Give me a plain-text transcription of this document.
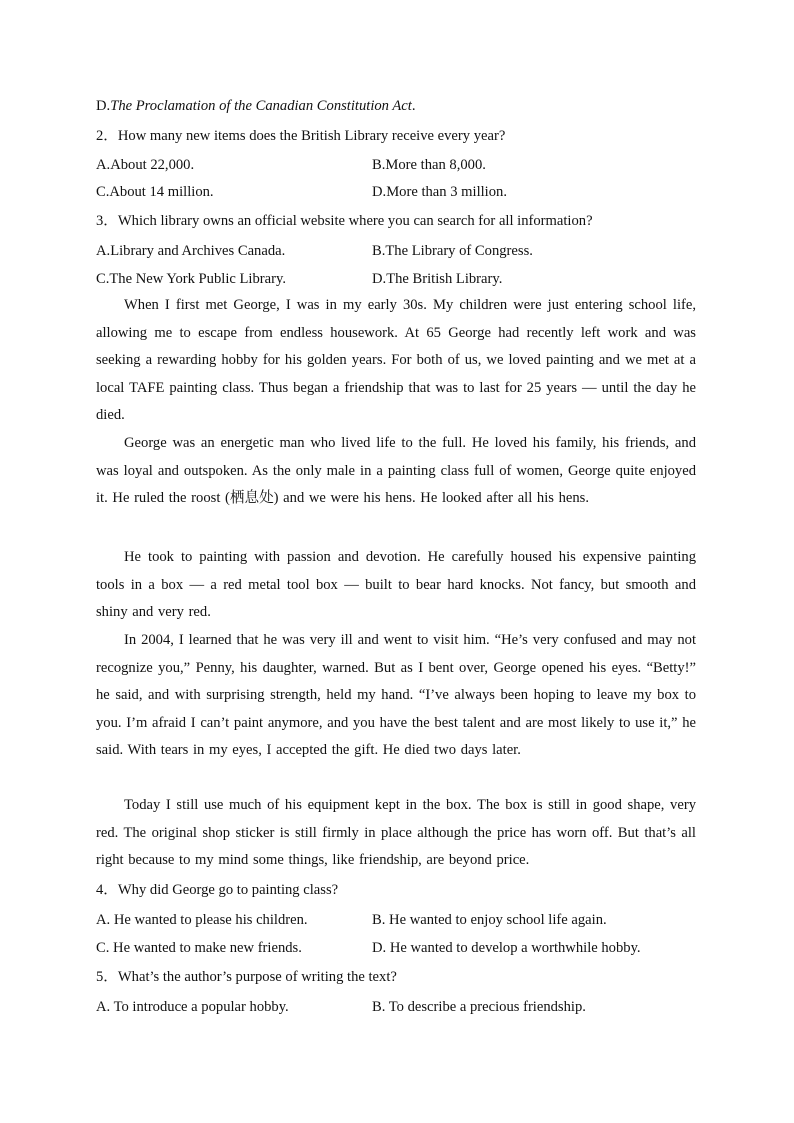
D.The Proclamation of the Canadian Constitution Act.
2．How many new items does the British Library receive every year?
A.About 22,000.	B.More than 8,000.
C.About 14 million.	D.More than 3 million.
3．Which library owns an official website where you can search for all information?
A.Library and Archives Canada.	B.The Library of Congress.
C.The New York Public Library.	D.The British Library.

When I first met George, I was in my early 30s. My children were just entering school life, allowing me to escape from endless housework. At 65 George had recently left work and was seeking a rewarding hobby for his golden years. For both of us, we loved painting and we met at a local TAFE painting class. Thus began a friendship that was to last for 25 years — until the day he died.

George was an energetic man who lived life to the full. He loved his family, his friends, and was loyal and outspoken. As the only male in a painting class full of women, George quite enjoyed it. He ruled the roost (栖息处) and we were his hens. He looked after all his hens.

He took to painting with passion and devotion. He carefully housed his expensive painting tools in a box — a red metal tool box — built to bear hard knocks. Not fancy, but smooth and shiny and very red.

In 2004, I learned that he was very ill and went to visit him. “He’s very confused and may not recognize you,” Penny, his daughter, warned. But as I bent over, George opened his eyes. “Betty!” he said, and with surprising strength, held my hand. “I’ve always been hoping to leave my box to you. I’m afraid I can’t paint anymore, and you have the best talent and are most likely to use it,” he said. With tears in my eyes, I accepted the gift. He died two days later.

Today I still use much of his equipment kept in the box. The box is still in good shape, very red. The original shop sticker is still firmly in place although the price has worn off. But that’s all right because to my mind some things, like friendship, are beyond price.

4．Why did George go to painting class?
A. He wanted to please his children.	B. He wanted to enjoy school life again.
C. He wanted to make new friends.	D. He wanted to develop a worthwhile hobby.
5．What’s the author’s purpose of writing the text?
A. To introduce a popular hobby.	B. To describe a precious friendship.
